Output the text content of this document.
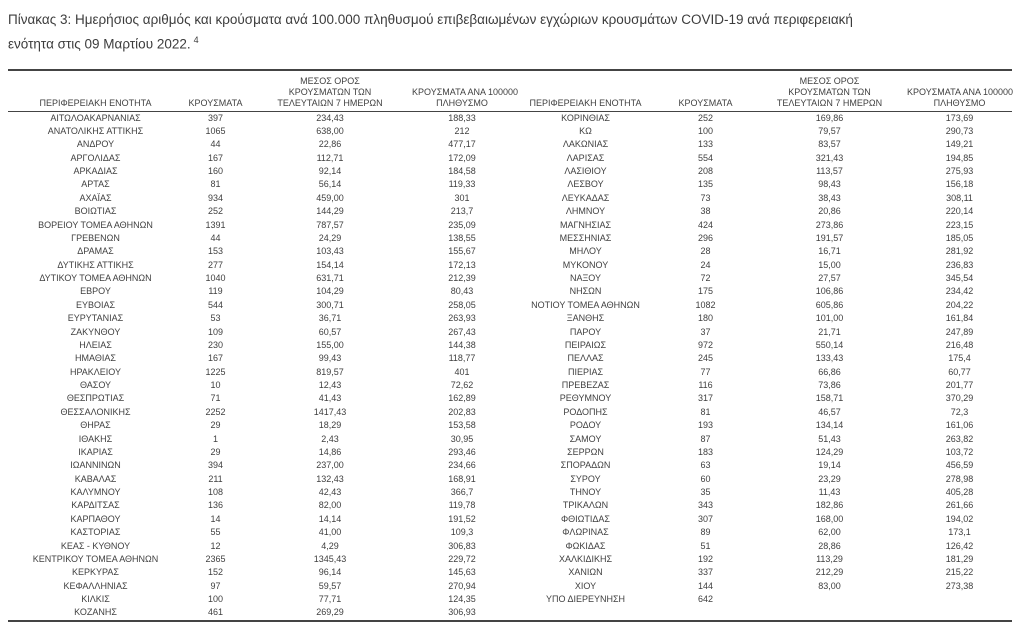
Πίνακας 3: Ημερήσιος αριθμός και κρούσματα ανά 100.000 πληθυσμού επιβεβαιωμένων εγχώριων κρουσμάτων COVID-19 ανά περιφερειακή
ενότητα στις 09 Μαρτίου 2022. $^4$

ΠΕΡΙΦΕΡΕΙΑΚΗ ΕΝΟΤΗΤΑ	ΚΡΟΥΣΜΑΤΑ

ΜΕΣΟΣ ΟΡΟΣ
ΚΡΟΥΣΜΑΤΩΝ ΤΩΝ
ΤΕΛΕΥΤΑΙΩΝ 7 ΗΜΕΡΩΝ

ΚΡΟΥΣΜΑΤΑ ΑΝΑ 100000
ΠΛΗΘΥΣΜΟ	ΠΕΡΙΦΕΡΕΙΑΚΗ ΕΝΟΤΗΤΑ	ΚΡΟΥΣΜΑΤΑ

ΜΕΣΟΣ ΟΡΟΣ
ΚΡΟΥΣΜΑΤΩΝ ΤΩΝ
ΤΕΛΕΥΤΑΙΩΝ 7 ΗΜΕΡΩΝ

ΚΡΟΥΣΜΑΤΑ ΑΝΑ 100000
ΠΛΗΘΥΣΜΟ

ΑΙΤΩΛΟΑΚΑΡΝΑΝΙΑΣ	397	234,43	188,33	ΚΟΡΙΝΘΙΑΣ	252	169,86	173,69
ΑΝΑΤΟΛΙΚΗΣ ΑΤΤΙΚΗΣ	1065	638,00	212	ΚΩ	100	79,57	290,73
ΑΝΔΡΟΥ	44	22,86	477,17	ΛΑΚΩΝΙΑΣ	133	83,57	149,21
ΑΡΓΟΛΙΔΑΣ	167	112,71	172,09	ΛΑΡΙΣΑΣ	554	321,43	194,85
ΑΡΚΑΔΙΑΣ	160	92,14	184,58	ΛΑΣΙΘΙΟΥ	208	113,57	275,93
ΑΡΤΑΣ	81	56,14	119,33	ΛΕΣΒΟΥ	135	98,43	156,18
ΑΧΑΪΑΣ	934	459,00	301	ΛΕΥΚΑΔΑΣ	73	38,43	308,11
ΒΟΙΩΤΙΑΣ	252	144,29	213,7	ΛΗΜΝΟΥ	38	20,86	220,14
ΒΟΡΕΙΟΥ ΤΟΜΕΑ ΑΘΗΝΩΝ	1391	787,57	235,09	ΜΑΓΝΗΣΙΑΣ	424	273,86	223,15
ΓΡΕΒΕΝΩΝ	44	24,29	138,55	ΜΕΣΣΗΝΙΑΣ	296	191,57	185,05
ΔΡΑΜΑΣ	153	103,43	155,67	ΜΗΛΟΥ	28	16,71	281,92
ΔΥΤΙΚΗΣ ΑΤΤΙΚΗΣ	277	154,14	172,13	ΜΥΚΟΝΟΥ	24	15,00	236,83
ΔΥΤΙΚΟΥ ΤΟΜΕΑ ΑΘΗΝΩΝ	1040	631,71	212,39	ΝΑΞΟΥ	72	27,57	345,54
ΕΒΡΟΥ	119	104,29	80,43	ΝΗΣΩΝ	175	106,86	234,42
ΕΥΒΟΙΑΣ	544	300,71	258,05	ΝΟΤΙΟΥ ΤΟΜΕΑ ΑΘΗΝΩΝ	1082	605,86	204,22
ΕΥΡΥΤΑΝΙΑΣ	53	36,71	263,93	ΞΑΝΘΗΣ	180	101,00	161,84
ΖΑΚΥΝΘΟΥ	109	60,57	267,43	ΠΑΡΟΥ	37	21,71	247,89
ΗΛΕΙΑΣ	230	155,00	144,38	ΠΕΙΡΑΙΩΣ	972	550,14	216,48
ΗΜΑΘΙΑΣ	167	99,43	118,77	ΠΕΛΛΑΣ	245	133,43	175,4
ΗΡΑΚΛΕΙΟΥ	1225	819,57	401	ΠΙΕΡΙΑΣ	77	66,86	60,77
ΘΑΣΟΥ	10	12,43	72,62	ΠΡΕΒΕΖΑΣ	116	73,86	201,77
ΘΕΣΠΡΩΤΙΑΣ	71	41,43	162,89	ΡΕΘΥΜΝΟΥ	317	158,71	370,29
ΘΕΣΣΑΛΟΝΙΚΗΣ	2252	1417,43	202,83	ΡΟΔΟΠΗΣ	81	46,57	72,3
ΘΗΡΑΣ	29	18,29	153,58	ΡΟΔΟΥ	193	134,14	161,06
ΙΘΑΚΗΣ	1	2,43	30,95	ΣΑΜΟΥ	87	51,43	263,82
ΙΚΑΡΙΑΣ	29	14,86	293,46	ΣΕΡΡΩΝ	183	124,29	103,72
ΙΩΑΝΝΙΝΩΝ	394	237,00	234,66	ΣΠΟΡΑΔΩΝ	63	19,14	456,59
ΚΑΒΑΛΑΣ	211	132,43	168,91	ΣΥΡΟΥ	60	23,29	278,98
ΚΑΛΥΜΝΟΥ	108	42,43	366,7	ΤΗΝΟΥ	35	11,43	405,28
ΚΑΡΔΙΤΣΑΣ	136	82,00	119,78	ΤΡΙΚΑΛΩΝ	343	182,86	261,66
ΚΑΡΠΑΘΟΥ	14	14,14	191,52	ΦΘΙΩΤΙΔΑΣ	307	168,00	194,02
ΚΑΣΤΟΡΙΑΣ	55	41,00	109,3	ΦΛΩΡΙΝΑΣ	89	62,00	173,1
ΚΕΑΣ - ΚΥΘΝΟΥ	12	4,29	306,83	ΦΩΚΙΔΑΣ	51	28,86	126,42
ΚΕΝΤΡΙΚΟΥ ΤΟΜΕΑ ΑΘΗΝΩΝ	2365	1345,43	229,72	ΧΑΛΚΙΔΙΚΗΣ	192	113,29	181,29
ΚΕΡΚΥΡΑΣ	152	96,14	145,63	ΧΑΝΙΩΝ	337	212,29	215,22
ΚΕΦΑΛΛΗΝΙΑΣ	97	59,57	270,94	ΧΙΟΥ	144	83,00	273,38
ΚΙΛΚΙΣ	100	77,71	124,35	ΥΠΟ ΔΙΕΡΕΥΝΗΣΗ	642		
ΚΟΖΑΝΗΣ	461	269,29	306,93				
